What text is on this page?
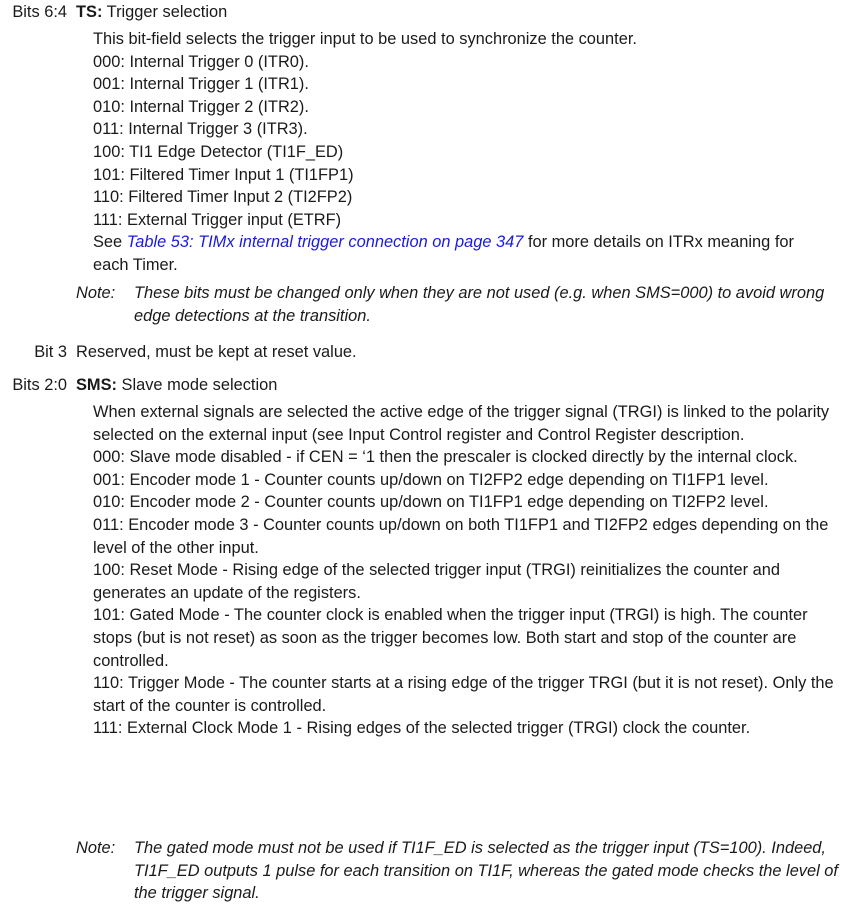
Bits 6:4 TS: Trigger selection
This bit-field selects the trigger input to be used to synchronize the counter.
000: Internal Trigger 0 (ITR0).
001: Internal Trigger 1 (ITR1).
010: Internal Trigger 2 (ITR2).
011: Internal Trigger 3 (ITR3).
100: TI1 Edge Detector (TI1F_ED)
101: Filtered Timer Input 1 (TI1FP1)
110: Filtered Timer Input 2 (TI2FP2)
111: External Trigger input (ETRF)
See Table 53: TIMx internal trigger connection on page 347 for more details on ITRx meaning for each Timer.
Note: These bits must be changed only when they are not used (e.g. when SMS=000) to avoid wrong edge detections at the transition.
Bit 3 Reserved, must be kept at reset value.
Bits 2:0 SMS: Slave mode selection
When external signals are selected the active edge of the trigger signal (TRGI) is linked to the polarity selected on the external input (see Input Control register and Control Register description.
000: Slave mode disabled - if CEN = ‘1 then the prescaler is clocked directly by the internal clock.
001: Encoder mode 1 - Counter counts up/down on TI2FP2 edge depending on TI1FP1 level.
010: Encoder mode 2 - Counter counts up/down on TI1FP1 edge depending on TI2FP2 level.
011: Encoder mode 3 - Counter counts up/down on both TI1FP1 and TI2FP2 edges depending on the level of the other input.
100: Reset Mode - Rising edge of the selected trigger input (TRGI) reinitializes the counter and generates an update of the registers.
101: Gated Mode - The counter clock is enabled when the trigger input (TRGI) is high. The counter stops (but is not reset) as soon as the trigger becomes low. Both start and stop of the counter are controlled.
110: Trigger Mode - The counter starts at a rising edge of the trigger TRGI (but it is not reset). Only the start of the counter is controlled.
111: External Clock Mode 1 - Rising edges of the selected trigger (TRGI) clock the counter.
Note: The gated mode must not be used if TI1F_ED is selected as the trigger input (TS=100). Indeed, TI1F_ED outputs 1 pulse for each transition on TI1F, whereas the gated mode checks the level of the trigger signal.
